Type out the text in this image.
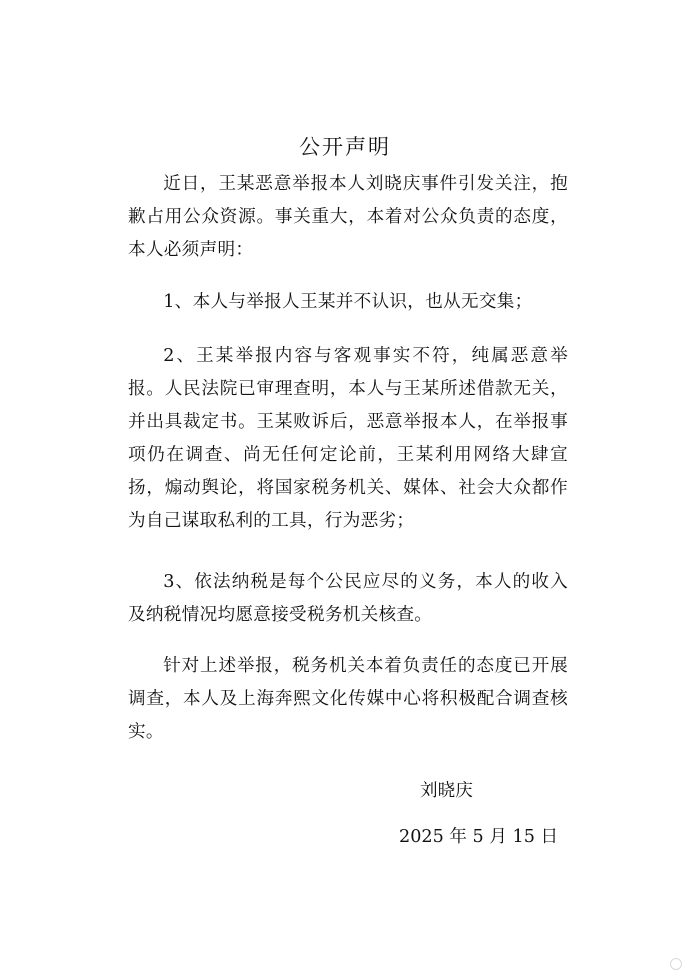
公开声明
近日，王某恶意举报本人刘晓庆事件引发关注，抱歉占用公众资源。事关重大，本着对公众负责的态度，本人必须声明：
1、本人与举报人王某并不认识，也从无交集；
2、王某举报内容与客观事实不符，纯属恶意举报。人民法院已审理查明，本人与王某所述借款无关，并出具裁定书。王某败诉后，恶意举报本人，在举报事项仍在调查、尚无任何定论前，王某利用网络大肆宣扬，煽动舆论，将国家税务机关、媒体、社会大众都作为自己谋取私利的工具，行为恶劣；
3、依法纳税是每个公民应尽的义务，本人的收入及纳税情况均愿意接受税务机关核查。
针对上述举报，税务机关本着负责任的态度已开展调查，本人及上海奔熙文化传媒中心将积极配合调查核实。
刘晓庆
2025 年 5 月 15 日
